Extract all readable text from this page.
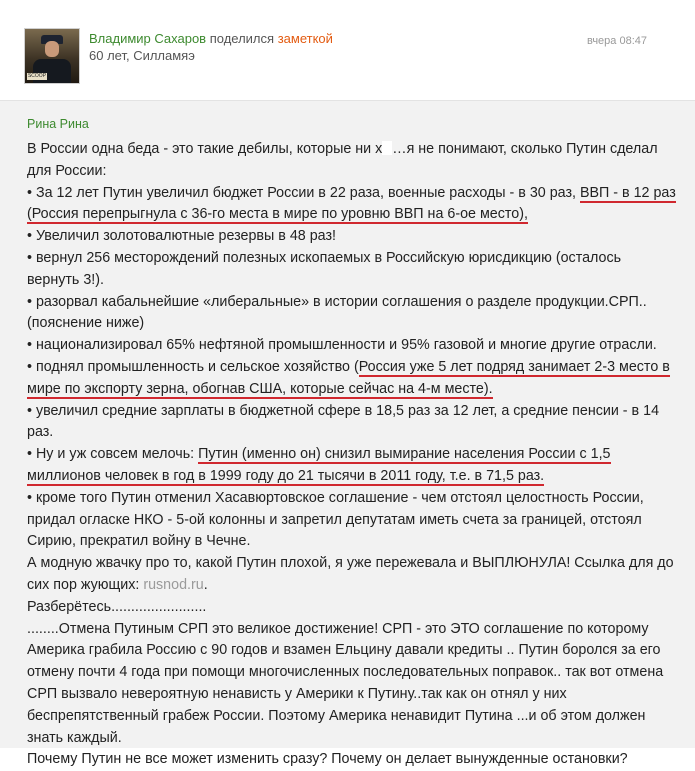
SCOOP
Владимир Сахаров поделился заметкой
60 лет, Силламяэ
вчера 08:47
Рина Рина

В России одна беда - это такие дебилы, которые ни х …я не понимают, сколько Путин сделал для России:

• За 12 лет Путин увеличил бюджет России в 22 раза, военные расходы - в 30 раз, ВВП - в 12 раз (Россия перепрыгнула с 36-го места в мире по уровню ВВП на 6-ое место),

• Увеличил золотовалютные резервы в 48 раз!

• вернул 256 месторождений полезных ископаемых в Российскую юрисдикцию (осталось вернуть 3!).

• разорвал кабальнейшие «либеральные» в истории соглашения о разделе продукции.СРП.. (пояснение ниже)

• национализировал 65% нефтяной промышленности и 95% газовой и многие другие отрасли.

• поднял промышленность и сельское хозяйство (Россия уже 5 лет подряд занимает 2-3 место в мире по экспорту зерна, обогнав США, которые сейчас на 4-м месте).

• увеличил средние зарплаты в бюджетной сфере в 18,5 раз за 12 лет, а средние пенсии - в 14 раз.

• Ну и уж совсем мелочь: Путин (именно он) снизил вымирание населения России с 1,5 миллионов человек в год в 1999 году до 21 тысячи в 2011 году, т.е. в 71,5 раз.

• кроме того Путин отменил Хасавюртовское соглашение - чем отстоял целостность России, придал огласке НКО - 5-ой колонны и запретил депутатам иметь счета за границей, отстоял Сирию, прекратил войну в Чечне.

А модную жвачку про то, какой Путин плохой, я уже пережевала и ВЫПЛЮНУЛА! Ссылка для до сих пор жующих: rusnod.ru.

Разберётесь........................

........Отмена Путиным СРП это великое достижение! СРП - это ЭТО соглашение по которому Америка грабила Россию с 90 годов и взамен Ельцину давали кредиты .. Путин боролся за его отмену почти 4 года при помощи многочисленных последовательных поправок.. так вот отмена СРП вызвало невероятную ненависть у Америки к Путину..так как он отнял у них беспрепятственный грабеж России. Поэтому Америка ненавидит Путина ...и об этом должен знать каждый.

Почему Путин не все может изменить сразу? Почему он делает вынужденные остановки?
